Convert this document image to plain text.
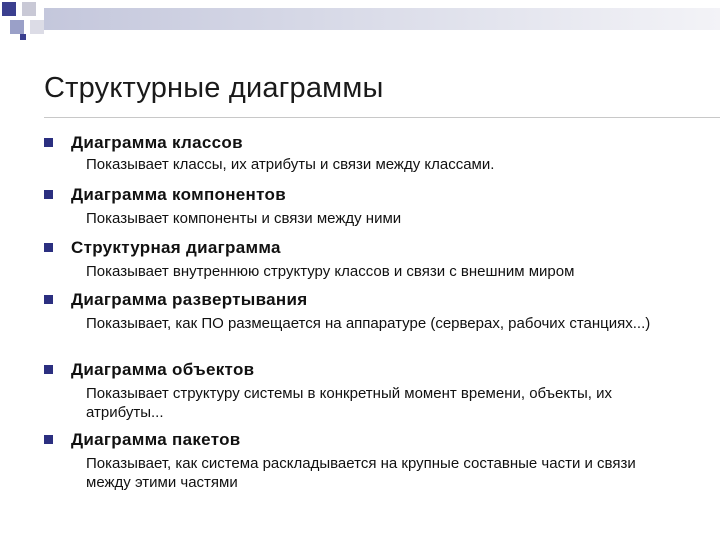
Структурные диаграммы
Диаграмма классов
Показывает классы, их атрибуты и связи между классами.
Диаграмма компонентов
Показывает компоненты и связи между ними
Структурная диаграмма
Показывает внутреннюю структуру классов и связи с внешним миром
Диаграмма развертывания
Показывает, как ПО размещается на аппаратуре (серверах, рабочих станциях...)
Диаграмма объектов
Показывает структуру системы в конкретный момент времени, объекты, их атрибуты...
Диаграмма пакетов
Показывает, как система раскладывается на крупные составные части и связи между этими частями
